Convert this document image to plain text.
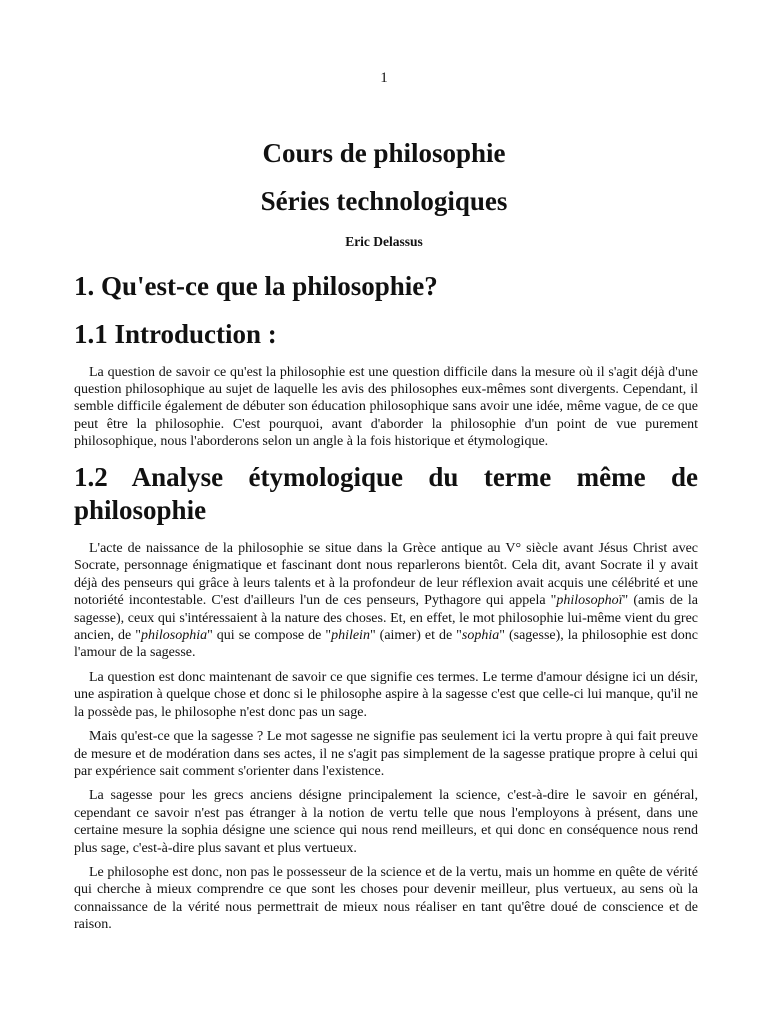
1
Cours de philosophie
Séries technologiques
Eric Delassus
1. Qu'est-ce que la philosophie?
1.1 Introduction :

La question de savoir ce qu'est la philosophie est une question difficile dans la mesure où il s'agit déjà d'une question philosophique au sujet de laquelle les avis des philosophes eux-mêmes sont divergents. Cependant, il semble difficile également de débuter son éducation philosophique sans avoir une idée, même vague, de ce que peut être la philosophie. C'est pourquoi, avant d'aborder la philosophie d'un point de vue purement philosophique, nous l'aborderons selon un angle à la fois historique et étymologique.

1.2 Analyse étymologique du terme même de philosophie

L'acte de naissance de la philosophie se situe dans la Grèce antique au V° siècle avant Jésus Christ avec Socrate, personnage énigmatique et fascinant dont nous reparlerons bientôt. Cela dit, avant Socrate il y avait déjà des penseurs qui grâce à leurs talents et à la profondeur de leur réflexion avait acquis une célébrité et une notoriété incontestable. C'est d'ailleurs l'un de ces penseurs, Pythagore qui appela "philosophoï" (amis de la sagesse), ceux qui s'intéressaient à la nature des choses. Et, en effet, le mot philosophie lui-même vient du grec ancien, de "philosophia" qui se compose de "philein" (aimer) et de "sophia" (sagesse), la philosophie est donc l'amour de la sagesse.

La question est donc maintenant de savoir ce que signifie ces termes. Le terme d'amour désigne ici un désir, une aspiration à quelque chose et donc si le philosophe aspire à la sagesse c'est que celle-ci lui manque, qu'il ne la possède pas, le philosophe n'est donc pas un sage.

Mais qu'est-ce que la sagesse ? Le mot sagesse ne signifie pas seulement ici la vertu propre à qui fait preuve de mesure et de modération dans ses actes, il ne s'agit pas simplement de la sagesse pratique propre à celui qui par expérience sait comment s'orienter dans l'existence.

La sagesse pour les grecs anciens désigne principalement la science, c'est-à-dire le savoir en général, cependant ce savoir n'est pas étranger à la notion de vertu telle que nous l'employons à présent, dans une certaine mesure la sophia désigne une science qui nous rend meilleurs, et qui donc en conséquence nous rend plus sage, c'est-à-dire plus savant et plus vertueux.

Le philosophe est donc, non pas le possesseur de la science et de la vertu, mais un homme en quête de vérité qui cherche à mieux comprendre ce que sont les choses pour devenir meilleur, plus vertueux, au sens où la connaissance de la vérité nous permettrait de mieux nous réaliser en tant qu'être doué de conscience et de raison.
